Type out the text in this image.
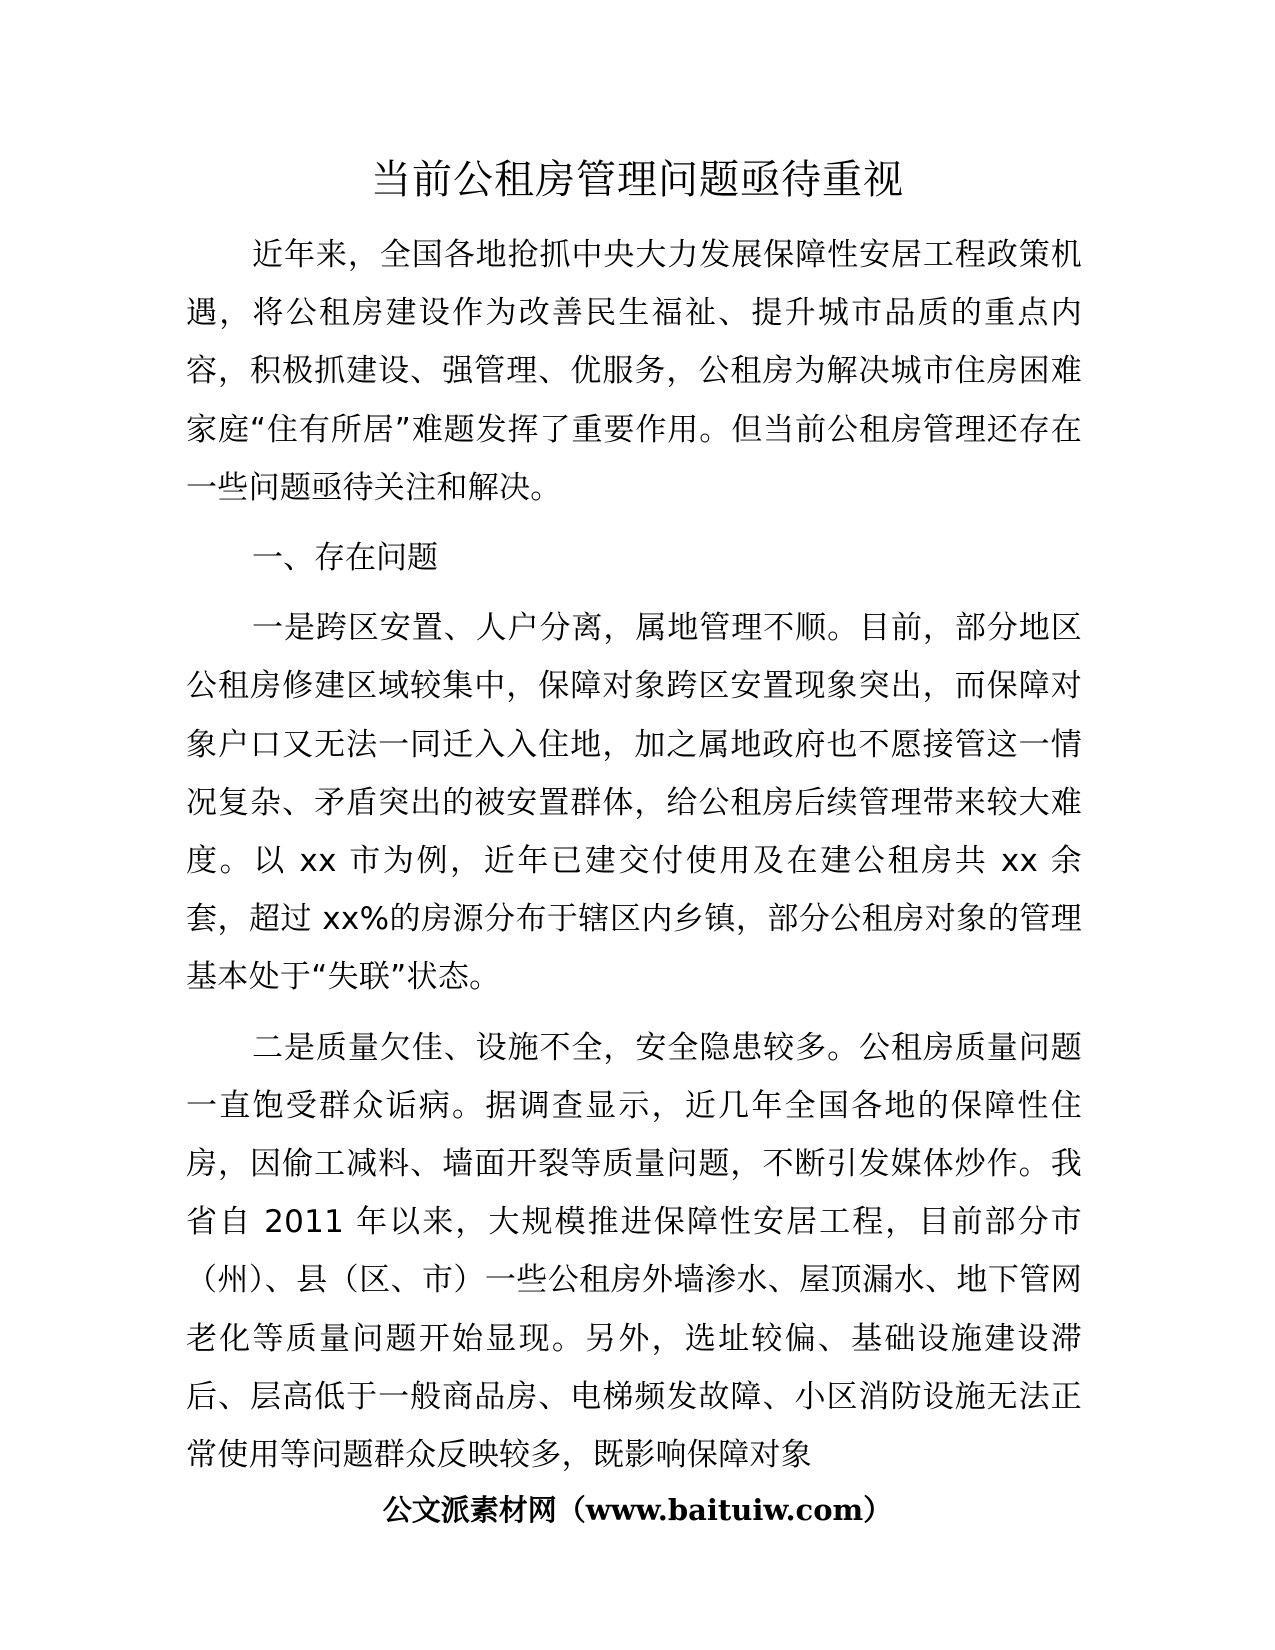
当前公租房管理问题亟待重视

近年来，全国各地抢抓中央大力发展保障性安居工程政策机遇，将公租房建设作为改善民生福祉、提升城市品质的重点内容，积极抓建设、强管理、优服务，公租房为解决城市住房困难家庭“住有所居”难题发挥了重要作用。但当前公租房管理还存在一些问题亟待关注和解决。

一、存在问题

一是跨区安置、人户分离，属地管理不顺。目前，部分地区公租房修建区域较集中，保障对象跨区安置现象突出，而保障对象户口又无法一同迁入入住地，加之属地政府也不愿接管这一情况复杂、矛盾突出的被安置群体，给公租房后续管理带来较大难度。以 xx 市为例，近年已建交付使用及在建公租房共 xx 余套，超过 xx%的房源分布于辖区内乡镇，部分公租房对象的管理基本处于“失联”状态。

二是质量欠佳、设施不全，安全隐患较多。公租房质量问题一直饱受群众诟病。据调查显示，近几年全国各地的保障性住房，因偷工减料、墙面开裂等质量问题，不断引发媒体炒作。我省自 2011 年以来，大规模推进保障性安居工程，目前部分市（州）、县（区、市）一些公租房外墙渗水、屋顶漏水、地下管网老化等质量问题开始显现。另外，选址较偏、基础设施建设滞后、层高低于一般商品房、电梯频发故障、小区消防设施无法正常使用等问题群众反映较多，既影响保障对象

公文派素材网（www.baituiw.com）
